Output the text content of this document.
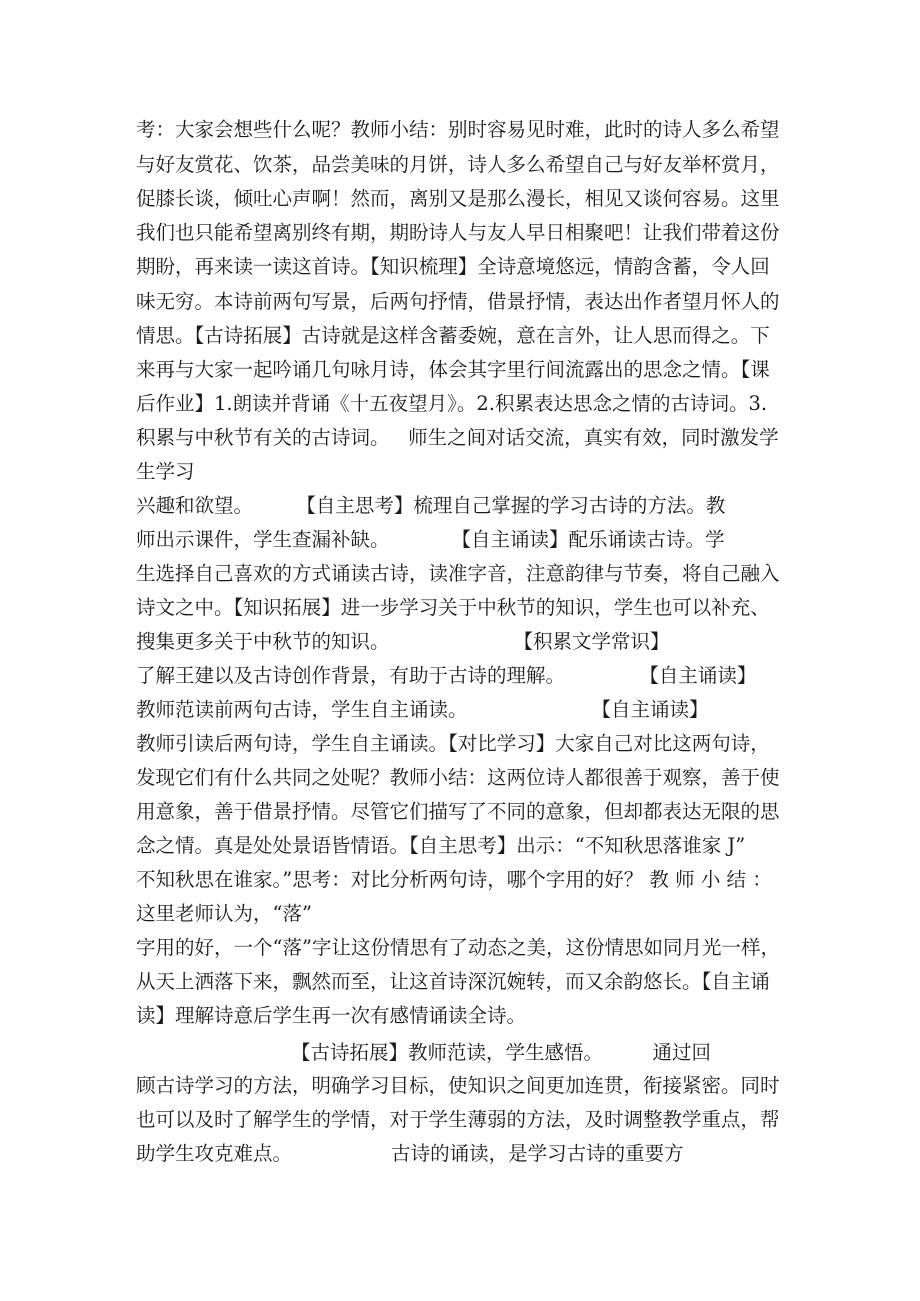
考：大家会想些什么呢？教师小结：别时容易见时难，此时的诗人多么希望
与好友赏花、饮茶，品尝美味的月饼，诗人多么希望自己与好友举杯赏月，
促膝长谈，倾吐心声啊！然而，离别又是那么漫长，相见又谈何容易。这里
我们也只能希望离别终有期，期盼诗人与友人早日相聚吧！让我们带着这份
期盼，再来读一读这首诗。【知识梳理】全诗意境悠远，情韵含蓄，令人回
味无穷。本诗前两句写景，后两句抒情，借景抒情，表达出作者望月怀人的
情思。【古诗拓展】古诗就是这样含蓄委婉，意在言外，让人思而得之。下
来再与大家一起吟诵几句咏月诗，体会其字里行间流露出的思念之情。【课
后作业】1.朗读并背诵《十五夜望月》。2.积累表达思念之情的古诗词。3.
积累与中秋节有关的古诗词。   师生之间对话交流，真实有效，同时激发学
生学习
兴趣和欲望。       【自主思考】梳理自己掌握的学习古诗的方法。教
师出示课件，学生查漏补缺。          【自主诵读】配乐诵读古诗。学
生选择自己喜欢的方式诵读古诗，读准字音，注意韵律与节奏，将自己融入
诗文之中。【知识拓展】进一步学习关于中秋节的知识，学生也可以补充、
搜集更多关于中秋节的知识。                    【积累文学常识】
了解王建以及古诗创作背景，有助于古诗的理解。            【自主诵读】
教师范读前两句古诗，学生自主诵读。                    【自主诵读】
教师引读后两句诗，学生自主诵读。【对比学习】大家自己对比这两句诗，
发现它们有什么共同之处呢？教师小结：这两位诗人都很善于观察，善于使
用意象，善于借景抒情。尽管它们描写了不同的意象，但却都表达无限的思
念之情。真是处处景语皆情语。【自主思考】出示：“不知秋思落谁家 J”
不知秋思在谁家。”思考：对比分析两句诗，哪个字用的好？ 教 师 小 结 ：
这里老师认为，“落”
字用的好，一个“落”字让这份情思有了动态之美，这份情思如同月光一样，
从天上洒落下来，飘然而至，让这首诗深沉婉转，而又余韵悠长。【自主诵
读】理解诗意后学生再一次有感情诵读全诗。
【古诗拓展】教师范读，学生感悟。        通过回
顾古诗学习的方法，明确学习目标，使知识之间更加连贯，衔接紧密。同时
也可以及时了解学生的学情，对于学生薄弱的方法，及时调整教学重点，帮
助学生攻克难点。                古诗的诵读，是学习古诗的重要方
